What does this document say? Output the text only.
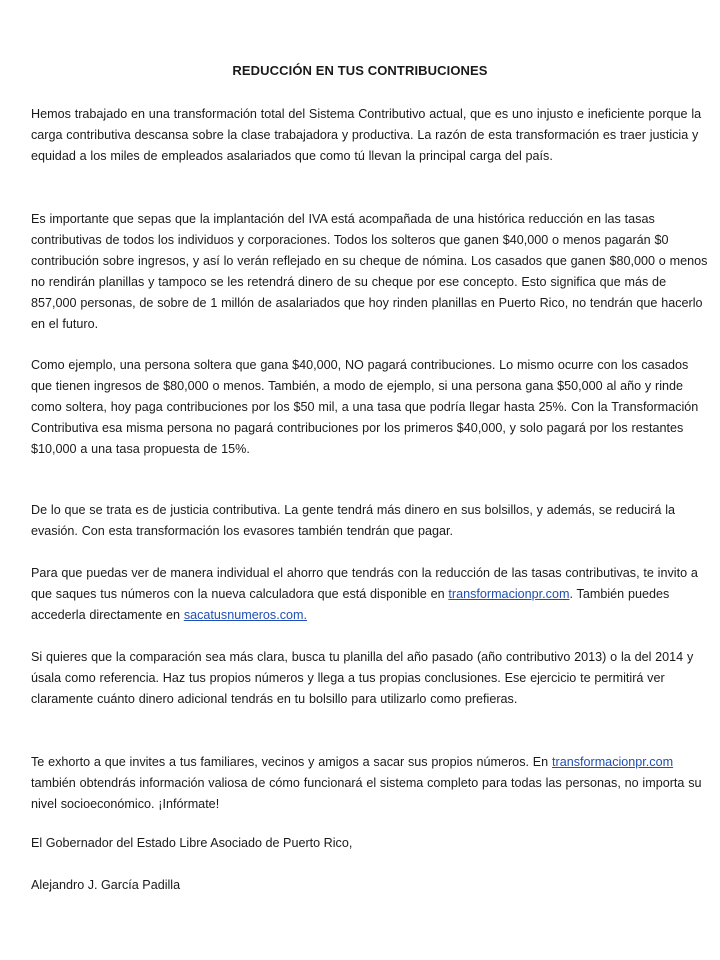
REDUCCIÓN EN TUS CONTRIBUCIONES

Hemos trabajado en una transformación total del Sistema Contributivo actual, que es uno injusto e ineficiente porque la carga contributiva descansa sobre la clase trabajadora y productiva. La razón de esta transformación es traer justicia y equidad a los miles de empleados asalariados que como tú llevan la principal carga del país.

Es importante que sepas que la implantación del IVA está acompañada de una histórica reducción en las tasas contributivas de todos los individuos y corporaciones. Todos los solteros que ganen $40,000 o menos pagarán $0 contribución sobre ingresos, y así lo verán reflejado en su cheque de nómina. Los casados que ganen $80,000 o menos no rendirán planillas y tampoco se les retendrá dinero de su cheque por ese concepto. Esto significa que más de 857,000 personas, de sobre de 1 millón de asalariados que hoy rinden planillas en Puerto Rico, no tendrán que hacerlo en el futuro.

Como ejemplo, una persona soltera que gana $40,000, NO pagará contribuciones. Lo mismo ocurre con los casados que tienen ingresos de $80,000 o menos. También, a modo de ejemplo, si una persona gana $50,000 al año y rinde como soltera, hoy paga contribuciones por los $50 mil, a una tasa que podría llegar hasta 25%. Con la Transformación Contributiva esa misma persona no pagará contribuciones por los primeros $40,000, y solo pagará por los restantes $10,000 a una tasa propuesta de 15%.

De lo que se trata es de justicia contributiva. La gente tendrá más dinero en sus bolsillos, y además, se reducirá la evasión. Con esta transformación los evasores también tendrán que pagar.

Para que puedas ver de manera individual el ahorro que tendrás con la reducción de las tasas contributivas, te invito a que saques tus números con la nueva calculadora que está disponible en transformacionpr.com. También puedes accederla directamente en sacatusnumeros.com.

Si quieres que la comparación sea más clara, busca tu planilla del año pasado (año contributivo 2013) o la del 2014 y úsala como referencia. Haz tus propios números y llega a tus propias conclusiones. Ese ejercicio te permitirá ver claramente cuánto dinero adicional tendrás en tu bolsillo para utilizarlo como prefieras.

Te exhorto a que invites a tus familiares, vecinos y amigos a sacar sus propios números. En transformacionpr.com también obtendrás información valiosa de cómo funcionará el sistema completo para todas las personas, no importa su nivel socioeconómico. ¡Infórmate!

El Gobernador del Estado Libre Asociado de Puerto Rico,

Alejandro J. García Padilla
